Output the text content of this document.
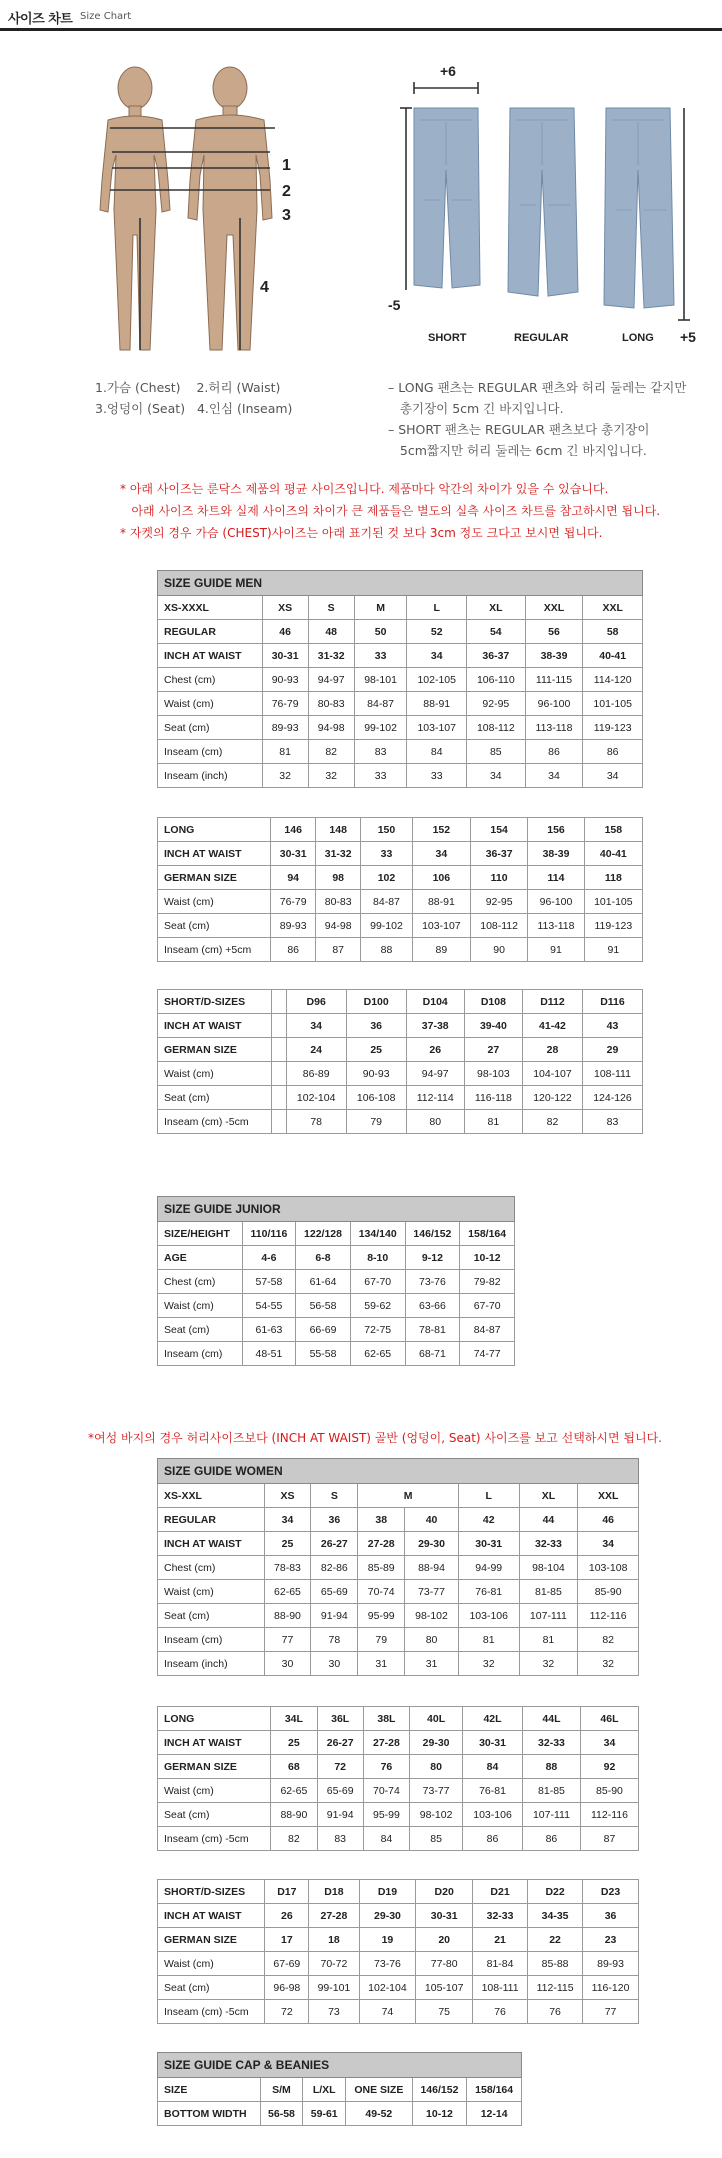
사이즈 차트 Size Chart
1
2
3
4
+6
-5
+5
SHORT	REGULAR	LONG
1.가슴 (Chest)    2.허리 (Waist)
3.엉덩이 (Seat)   4.인심 (Inseam)
– LONG 팬츠는 REGULAR 팬츠와 허리 둘레는 같지만
총기장이 5cm 긴 바지입니다.
– SHORT 팬츠는 REGULAR 팬츠보다 총기장이
5cm짧지만 허리 둘레는 6cm 긴 바지입니다.
* 아래 사이즈는 룬닥스 제품의 평균 사이즈입니다. 제품마다 악간의 차이가 있을 수 있습니다.
아래 사이즈 차트와 실제 사이즈의 차이가 큰 제품들은 별도의 실측 사이즈 차트를 참고하시면 됩니다.
* 자켓의 경우 가슴 (CHEST)사이즈는 아래 표기된 것 보다 3cm 정도 크다고 보시면 됩니다.
SIZE GUIDE MEN							
XS-XXXL	XS	S	M	L	XL	XXL	XXL
REGULAR	46	48	50	52	54	56	58
INCH AT WAIST	30-31	31-32	33	34	36-37	38-39	40-41
Chest (cm)	90-93	94-97	98-101	102-105	106-110	111-115	114-120
Waist (cm)	76-79	80-83	84-87	88-91	92-95	96-100	101-105
Seat (cm)	89-93	94-98	99-102	103-107	108-112	113-118	119-123
Inseam (cm)	81	82	83	84	85	86	86
Inseam (inch)	32	32	33	33	34	34	34
LONG	146	148	150	152	154	156	158
INCH AT WAIST	30-31	31-32	33	34	36-37	38-39	40-41
GERMAN SIZE	94	98	102	106	110	114	118
Waist (cm)	76-79	80-83	84-87	88-91	92-95	96-100	101-105
Seat (cm)	89-93	94-98	99-102	103-107	108-112	113-118	119-123
Inseam (cm) +5cm	86	87	88	89	90	91	91
SHORT/D-SIZES		D96	D100	D104	D108	D112	D116
INCH AT WAIST		34	36	37-38	39-40	41-42	43
GERMAN SIZE		24	25	26	27	28	29
Waist (cm)		86-89	90-93	94-97	98-103	104-107	108-111
Seat (cm)		102-104	106-108	112-114	116-118	120-122	124-126
Inseam (cm) -5cm		78	79	80	81	82	83
SIZE GUIDE JUNIOR					
SIZE/HEIGHT	110/116	122/128	134/140	146/152	158/164
AGE	4-6	6-8	8-10	9-12	10-12
Chest (cm)	57-58	61-64	67-70	73-76	79-82
Waist (cm)	54-55	56-58	59-62	63-66	67-70
Seat (cm)	61-63	66-69	72-75	78-81	84-87
Inseam (cm)	48-51	55-58	62-65	68-71	74-77
*여성 바지의 경우 허리사이즈보다 (INCH AT WAIST) 골반 (엉덩이, Seat) 사이즈를 보고 선택하시면 됩니다.
SIZE GUIDE WOMEN							
XS-XXL	XS	S	M		L	XL	XXL
REGULAR	34	36	38	40	42	44	46
INCH AT WAIST	25	26-27	27-28	29-30	30-31	32-33	34
Chest (cm)	78-83	82-86	85-89	88-94	94-99	98-104	103-108
Waist (cm)	62-65	65-69	70-74	73-77	76-81	81-85	85-90
Seat (cm)	88-90	91-94	95-99	98-102	103-106	107-111	112-116
Inseam (cm)	77	78	79	80	81	81	82
Inseam (inch)	30	30	31	31	32	32	32
LONG	34L	36L	38L	40L	42L	44L	46L
INCH AT WAIST	25	26-27	27-28	29-30	30-31	32-33	34
GERMAN SIZE	68	72	76	80	84	88	92
Waist (cm)	62-65	65-69	70-74	73-77	76-81	81-85	85-90
Seat (cm)	88-90	91-94	95-99	98-102	103-106	107-111	112-116
Inseam (cm) -5cm	82	83	84	85	86	86	87
SHORT/D-SIZES	D17	D18	D19	D20	D21	D22	D23
INCH AT WAIST	26	27-28	29-30	30-31	32-33	34-35	36
GERMAN SIZE	17	18	19	20	21	22	23
Waist (cm)	67-69	70-72	73-76	77-80	81-84	85-88	89-93
Seat (cm)	96-98	99-101	102-104	105-107	108-111	112-115	116-120
Inseam (cm) -5cm	72	73	74	75	76	76	77
SIZE GUIDE CAP & BEANIES					
SIZE	S/M	L/XL	ONE SIZE	146/152	158/164
BOTTOM WIDTH	56-58	59-61	49-52	10-12	12-14
